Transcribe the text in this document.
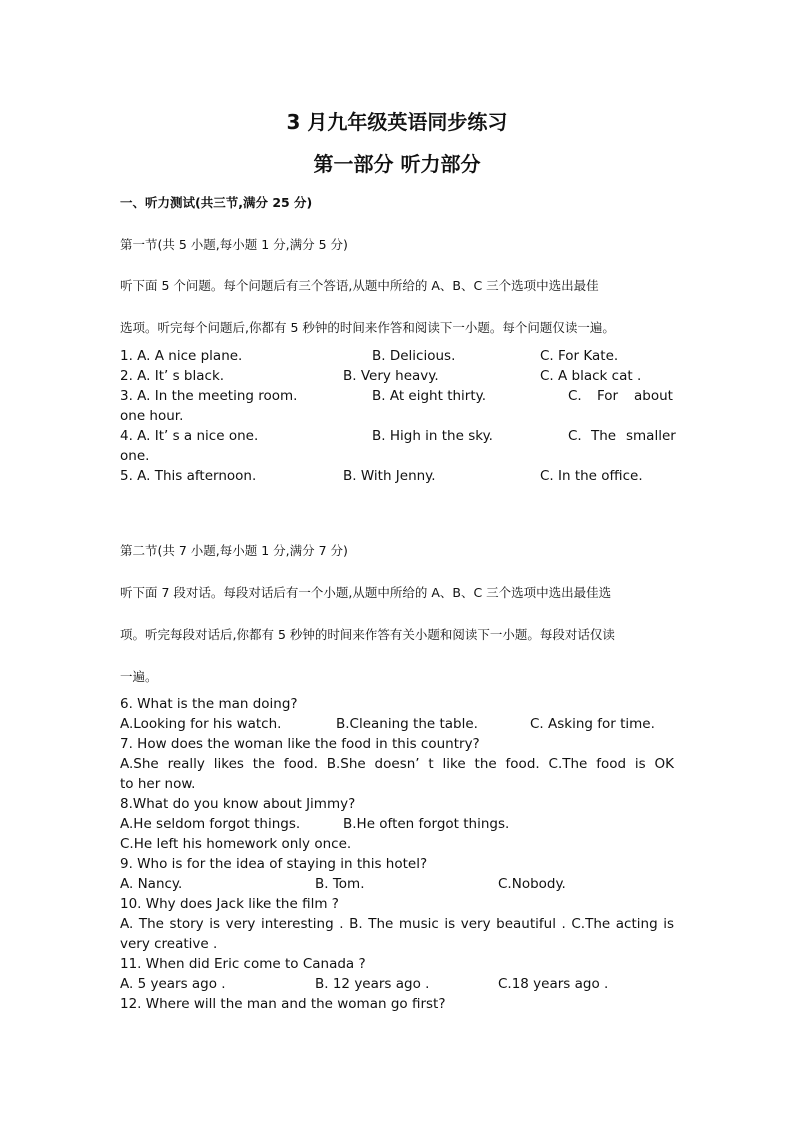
3 月九年级英语同步练习
第一部分 听力部分
一、听力测试(共三节,满分 25 分)
第一节(共 5 小题,每小题 1 分,满分 5 分)
听下面 5 个问题。每个问题后有三个答语,从题中所给的 A、B、C 三个选项中选出最佳
选项。听完每个问题后,你都有 5 秒钟的时间来作答和阅读下一小题。每个问题仅读一遍。
1. A. A nice plane.	B. Delicious.	C. For Kate.
2. A. It’ s black.	B. Very heavy.	C. A black cat .
3. A. In the meeting room.	B. At eight thirty.	C. For about
one hour.
4. A. It’ s a nice one.	B. High in the sky.	C. The smaller
one.
5. A. This afternoon.	B. With Jenny.	C. In the office.
第二节(共 7 小题,每小题 1 分,满分 7 分)
听下面 7 段对话。每段对话后有一个小题,从题中所给的 A、B、C 三个选项中选出最佳选
项。听完每段对话后,你都有 5 秒钟的时间来作答有关小题和阅读下一小题。每段对话仅读
一遍。
6. What is the man doing?
A.Looking for his watch.	B.Cleaning the table.	C. Asking for time.
7. How does the woman like the food in this country?
A.She really likes the food. B.She doesn’ t like the food. C.The food is OK
to her now.
8.What do you know about Jimmy?
A.He seldom forgot things.	B.He often forgot things.
C.He left his homework only once.
9. Who is for the idea of staying in this hotel?
A. Nancy.	B. Tom.	C.Nobody.
10. Why does Jack like the film ?
A. The story is very interesting . B. The music is very beautiful . C.The acting is
very creative .
11. When did Eric come to Canada ?
A. 5 years ago .	B. 12 years ago .	C.18 years ago .
12. Where will the man and the woman go first?
